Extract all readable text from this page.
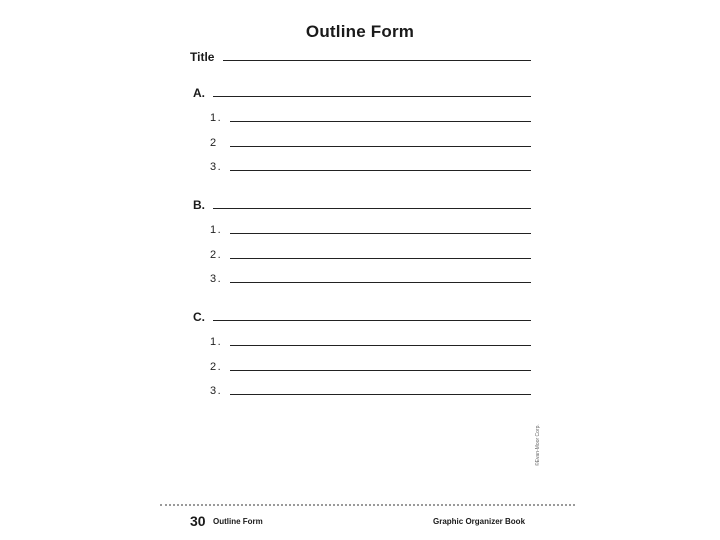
Outline Form
Title
A.
1.
2
3.
B.
1.
2.
3.
C.
1.
2.
3.
©Evan-Moor Corp.
30 Outline Form	Graphic Organizer Book
